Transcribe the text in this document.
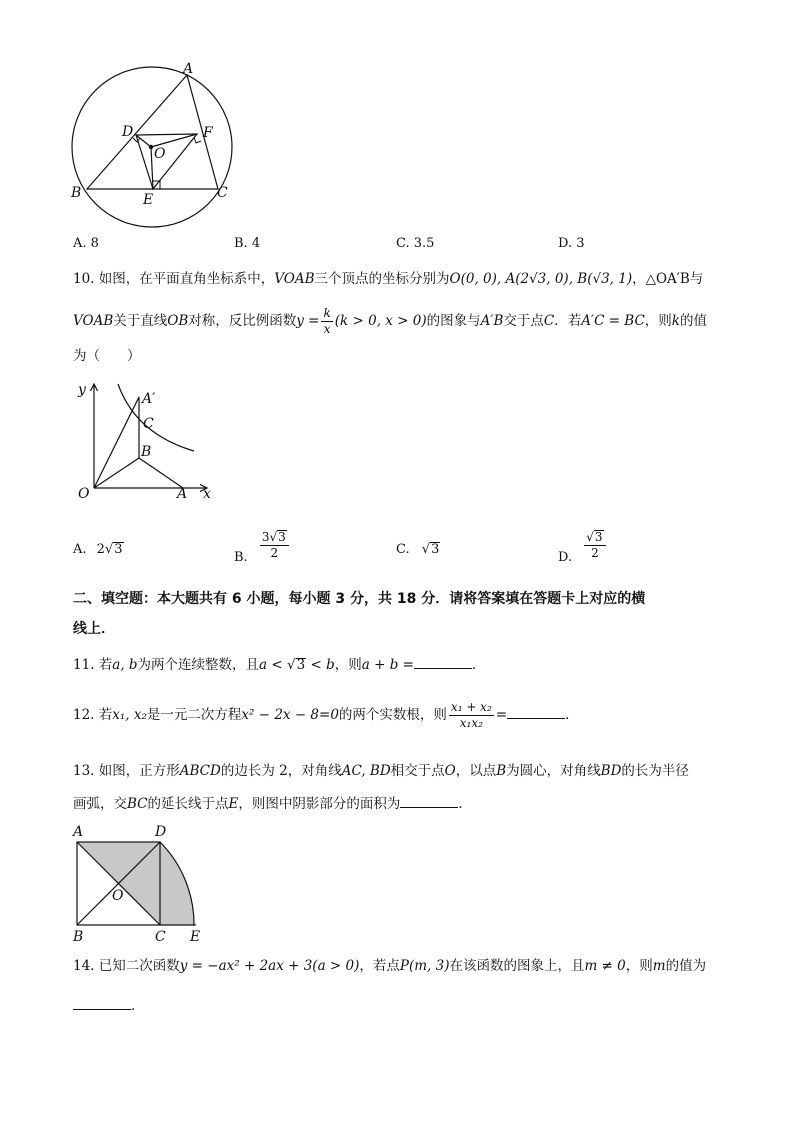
A
D	F
O
B	E	C
A. 8	B. 4	C. 3.5	D. 3
10. 如图，在平面直角坐标系中，VOAB三个顶点的坐标分别为O(0, 0), A(2√3, 0), B(√3, 1)，△OA′B与
VOAB关于直线OB对称，反比例函数$y = \frac{k}{x} (k > 0$, x > 0)的图象与A′B交于点C．若A′C = BC，则k的值
为（　　）
y
A′
C
B
O	A x
A. 2√3
B. $\frac{3√3}{2}$	C. √3
D. $\frac{√3}{2}$
二、填空题：本大题共有 6 小题，每小题 3 分，共 18 分．请将答案填在答题卡上对应的横
线上．
11. 若a, b为两个连续整数，且a < √3 < b，则a + b =	．
12. 若x₁, x₂是一元二次方程x² − 2x − 8=0的两个实数根，则 $\frac{\text{x₁ + x₂}}{\text{x₁x₂}}$ =	．
13. 如图，正方形ABCD的边长为 2，对角线AC, BD相交于点O，以点B为圆心，对角线BD的长为半径
画弧，交BC的延长线于点E，则图中阴影部分的面积为	．
A	D
O
B	C E
14. 已知二次函数y = −ax² + 2ax + 3(a > 0)，若点P(m, 3)在该函数的图象上，且m ≠ 0，则m的值为
．
